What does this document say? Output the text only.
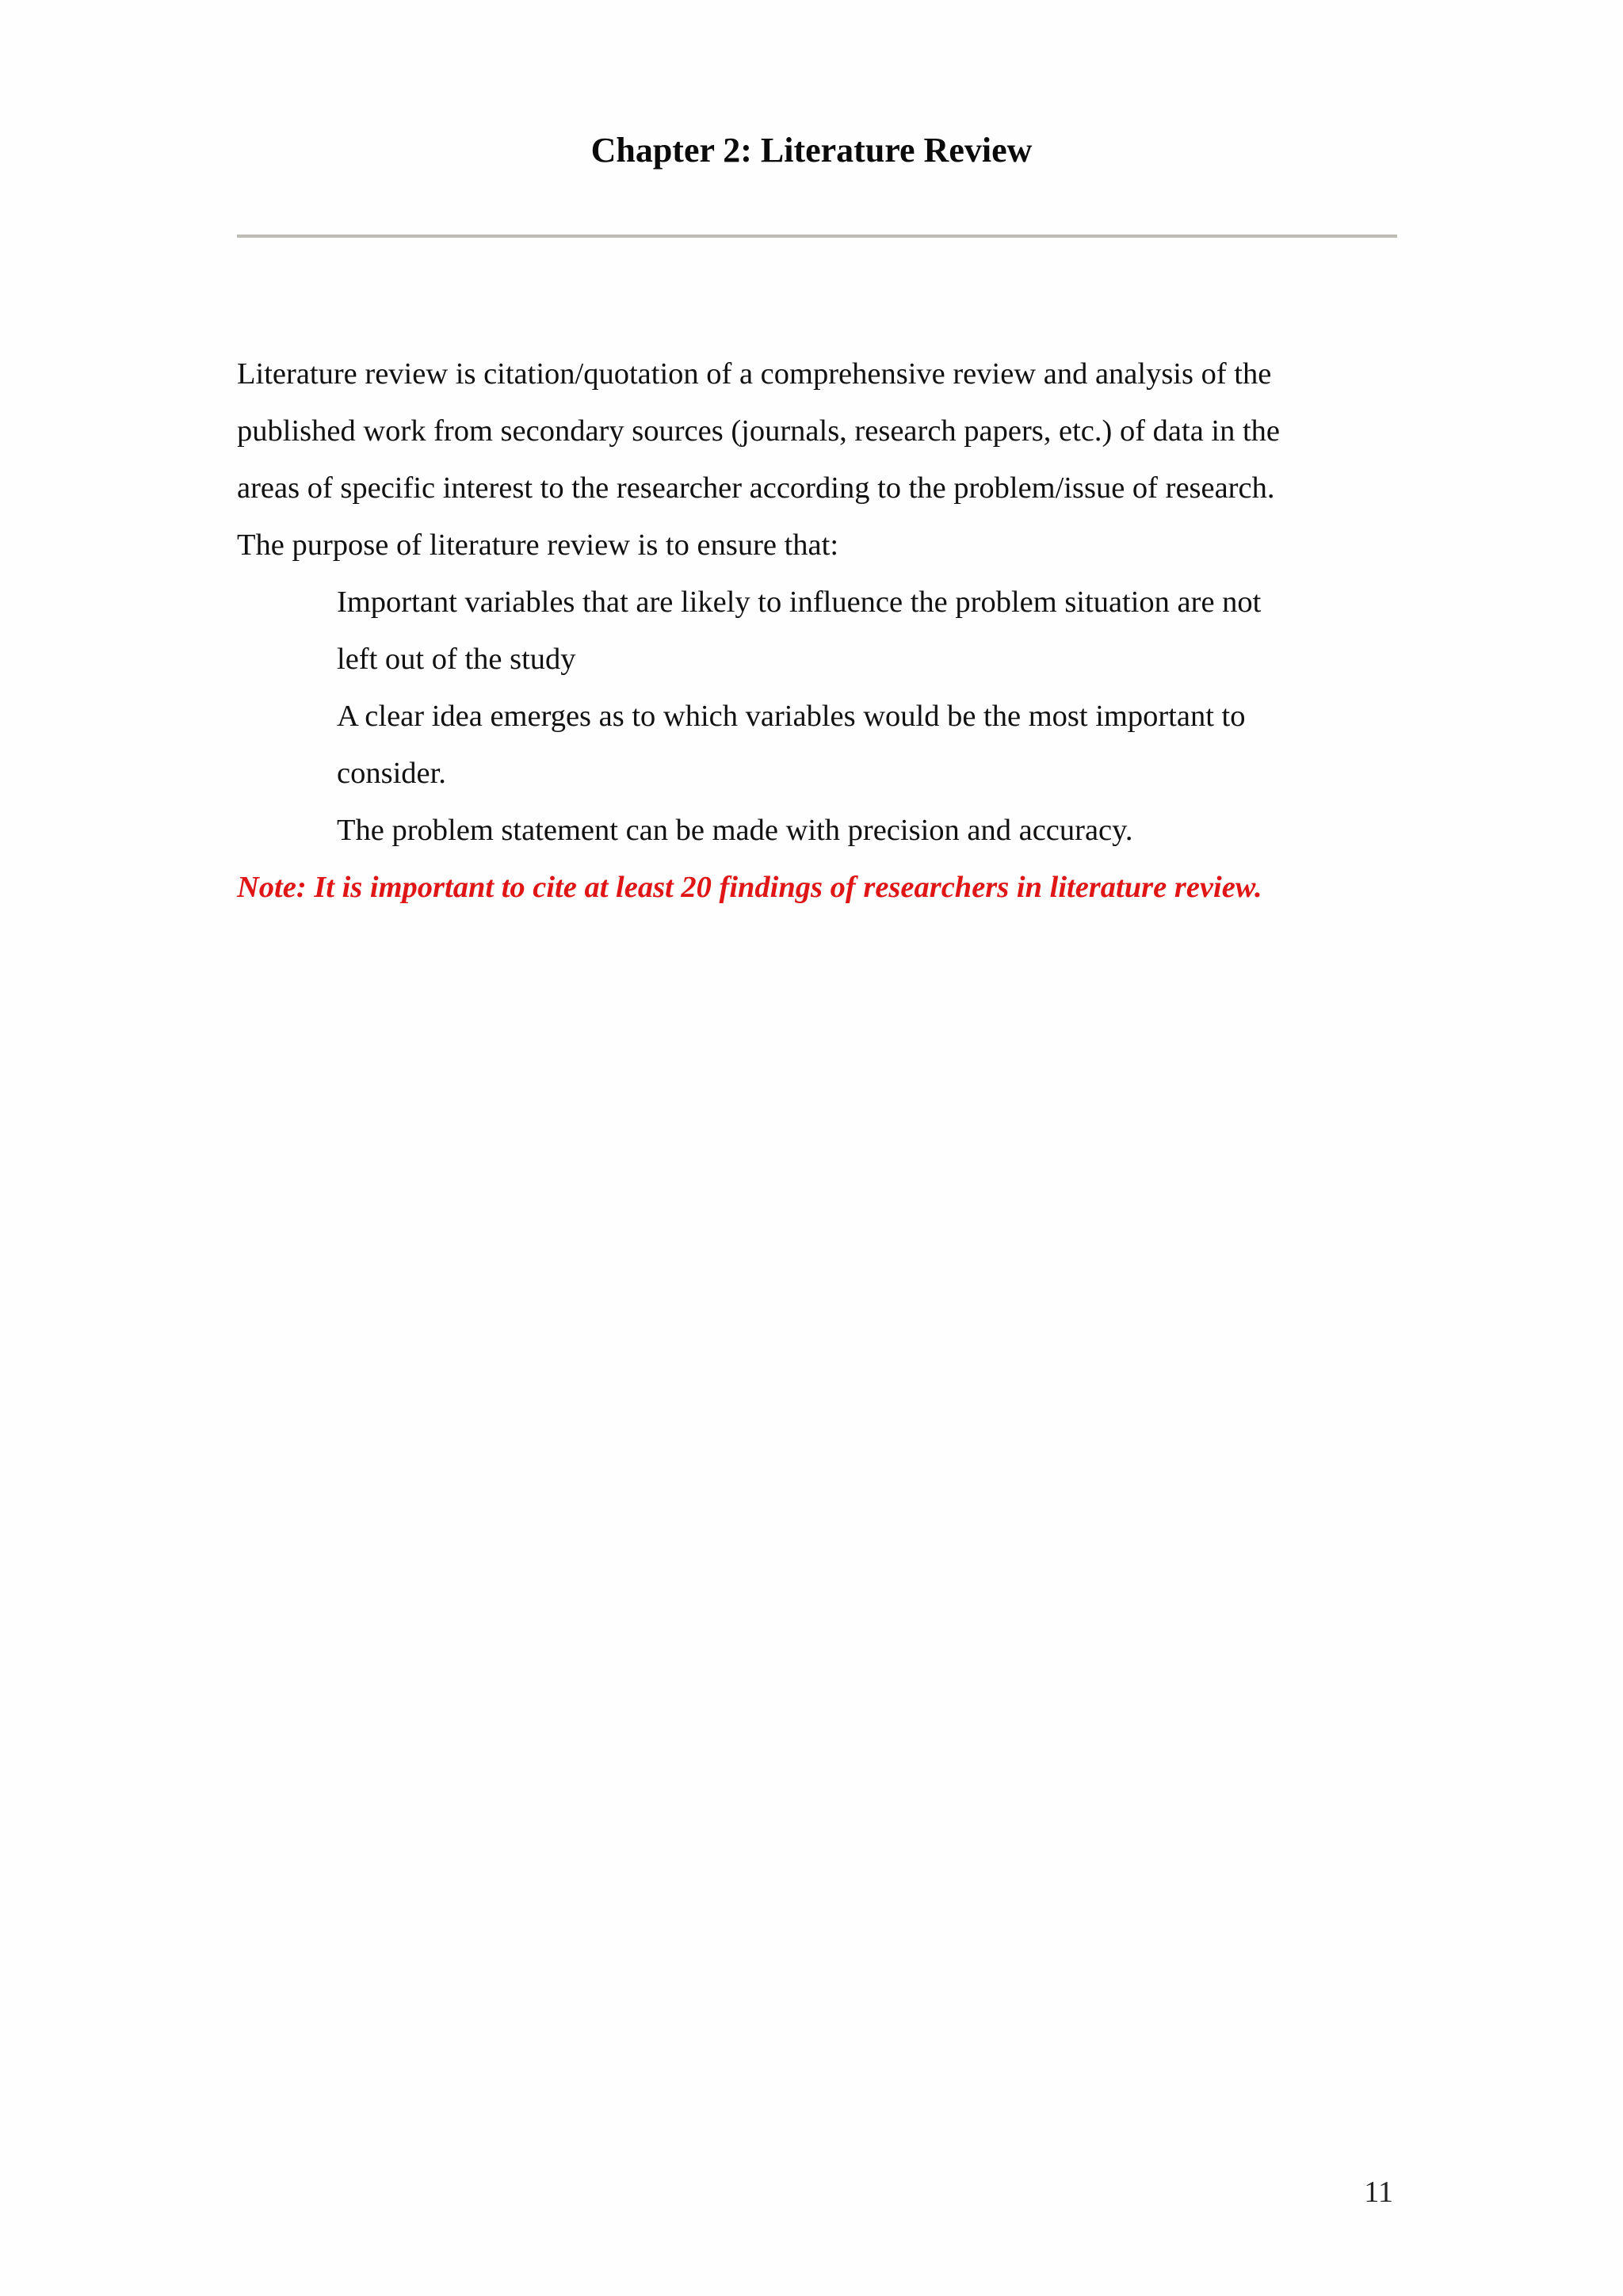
Chapter 2: Literature Review
Literature review is citation/quotation of a comprehensive review and analysis of the
published work from secondary sources (journals, research papers, etc.) of data in the
areas of specific interest to the researcher according to the problem/issue of research.
The purpose of literature review is to ensure that:
Important variables that are likely to influence the problem situation are not
left out of the study
A clear idea emerges as to which variables would be the most important to
consider.
The problem statement can be made with precision and accuracy.
Note: It is important to cite at least 20 findings of researchers in literature review.
11
